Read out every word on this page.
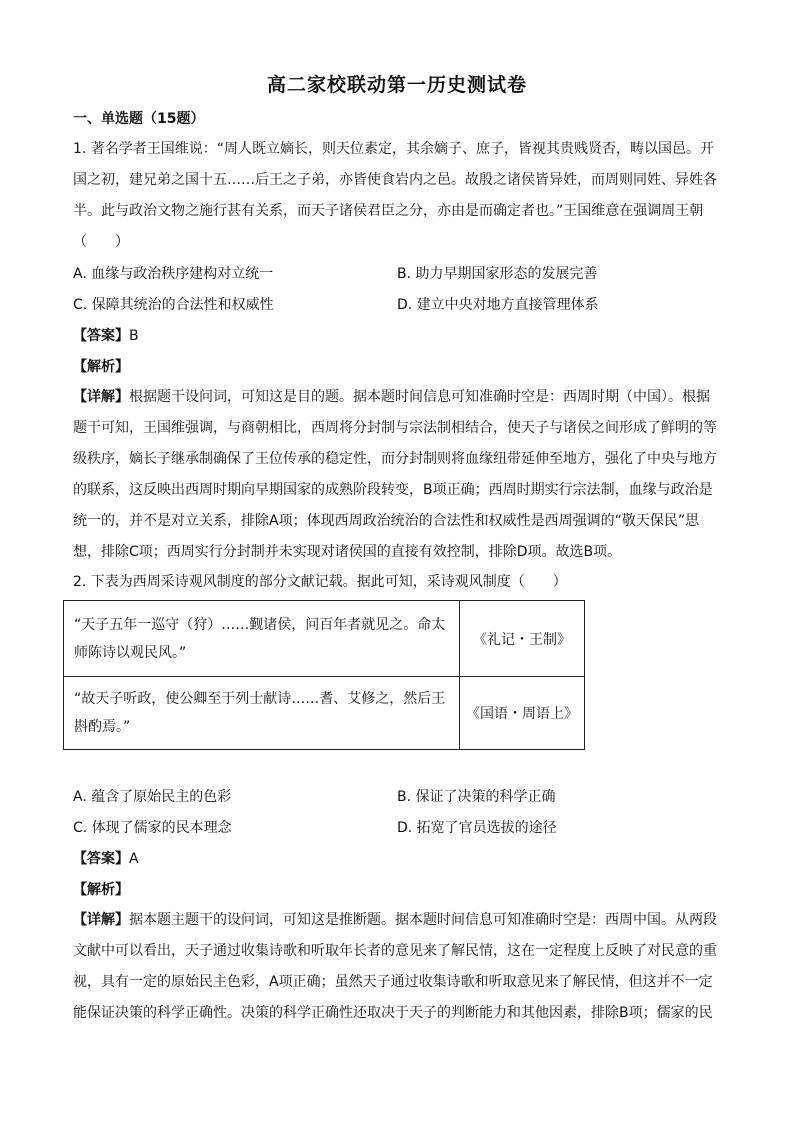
高二家校联动第一历史测试卷
一、单选题（15题）
1. 著名学者王国维说：“周人既立嫡长，则天位素定，其余嫡子、庶子，皆视其贵贱贤否，畴以国邑。开国之初，建兄弟之国十五……后王之子弟，亦皆使食岩内之邑。故殷之诸侯皆异姓，而周则同姓、异姓各半。此与政治文物之施行甚有关系，而天子诸侯君臣之分，亦由是而确定者也。”王国维意在强调周王朝（　　）
A. 血缘与政治秩序建构对立统一	B. 助力早期国家形态的发展完善
C. 保障其统治的合法性和权威性	D. 建立中央对地方直接管理体系
【答案】B
【解析】
【详解】根据题干设问词，可知这是目的题。据本题时间信息可知准确时空是：西周时期（中国）。根据题干可知，王国维强调，与商朝相比，西周将分封制与宗法制相结合，使天子与诸侯之间形成了鲜明的等级秩序，嫡长子继承制确保了王位传承的稳定性，而分封制则将血缘纽带延伸至地方，强化了中央与地方的联系，这反映出西周时期向早期国家的成熟阶段转变，B项正确；西周时期实行宗法制，血缘与政治是统一的，并不是对立关系，排除A项；体现西周政治统治的合法性和权威性是西周强调的“敬天保民”思想，排除C项；西周实行分封制并未实现对诸侯国的直接有效控制，排除D项。故选B项。
2. 下表为西周采诗观风制度的部分文献记载。据此可知，采诗观风制度（　　）
“天子五年一巡守（狩）……觐诸侯，问百年者就见之。命太师陈诗以观民风。”	《礼记・王制》
“故天子听政，使公卿至于列士献诗……耆、艾修之，然后王斟酌焉。”	《国语・周语上》
A. 蕴含了原始民主的色彩	B. 保证了决策的科学正确
C. 体现了儒家的民本理念	D. 拓宽了官员选拔的途径
【答案】A
【解析】
【详解】据本题主题干的设问词，可知这是推断题。据本题时间信息可知准确时空是：西周中国。从两段文献中可以看出，天子通过收集诗歌和听取年长者的意见来了解民情，这在一定程度上反映了对民意的重视，具有一定的原始民主色彩，A项正确；虽然天子通过收集诗歌和听取意见来了解民情，但这并不一定能保证决策的科学正确性。决策的科学正确性还取决于天子的判断能力和其他因素，排除B项；儒家的民
